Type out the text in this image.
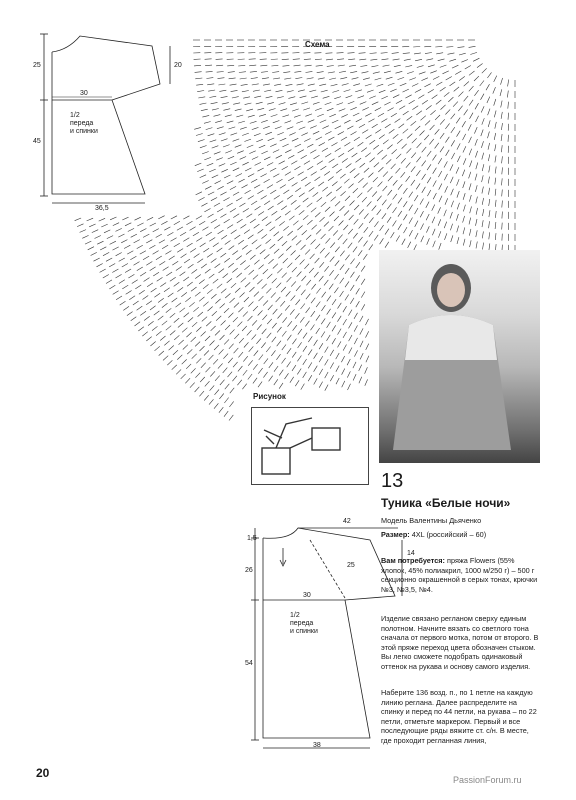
Схема
25	20
30
45
36,5
1/2
переда
и спинки
42
1,5
14
26
25
30
54
38
1/2
переда
и спинки
Рисунок
13
Туника «Белые ночи»
Модель Валентины Дьяченко
Размер: 4XL (российский – 60)
Вам потребуется: пряжа Flowers (55% хлопок, 45% полиакрил, 1000 м/250 г) – 500 г секционно окрашенной в серых тонах, крючки №3, №3,5, №4.
Изделие связано регланом сверху единым полотном. Начните вязать со светлого тона сначала от первого мотка, потом от второго. В этой пряже переход цвета обозначен стыком. Вы легко сможете подобрать одинаковый оттенок на рукава и основу самого изделия.
Наберите 136 возд. п., по 1 петле на каждую линию реглана. Далее распределите на спинку и перед по 44 петли, на рукава – по 22 петли, отметьте маркером. Первый и все последующие ряды вяжите ст. с/н. В месте, где проходит регланная линия,
20	PassionForum.ru
